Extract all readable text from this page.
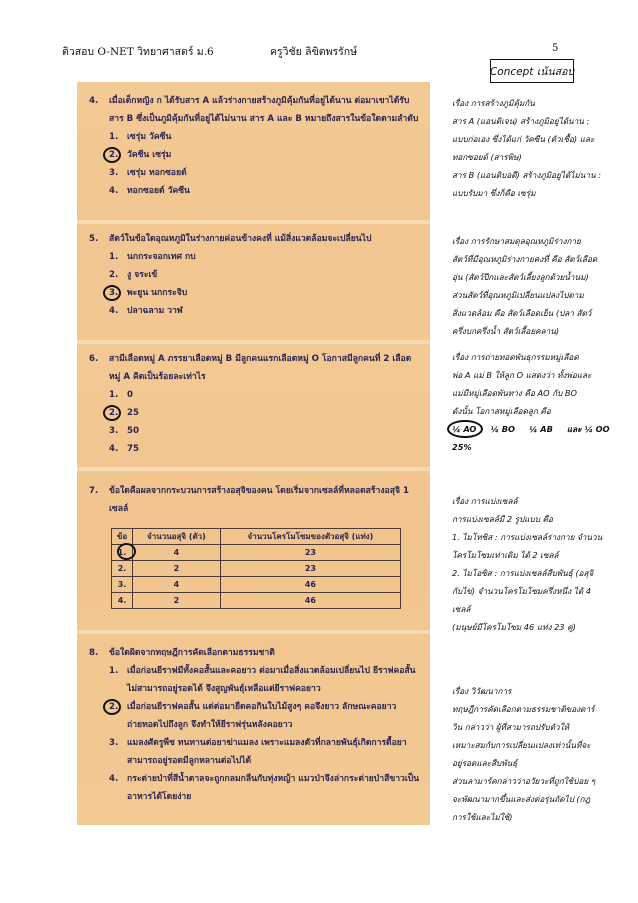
ติวสอบ O-NET วิทยาศาสตร์ ม.6	ครูวิชัย ลิขิตพรรักษ์	5
Concept เน้นสอบ
4.	เมื่อเด็กหญิง ก ได้รับสาร A แล้วร่างกายสร้างภูมิคุ้มกันที่อยู่ได้นาน ต่อมาเขาได้รับสาร B ซึ่งเป็นภูมิคุ้มกันที่อยู่ได้ไม่นาน สาร A และ B หมายถึงสารในข้อใดตามลำดับ
1.	เซรุ่ม วัคซีน
2.	วัคซีน เซรุ่ม
3.	เซรุ่ม ทอกซอยด์
4.	ทอกซอยด์ วัคซีน
5.	สัตว์ในข้อใดอุณหภูมิในร่างกายค่อนข้างคงที่ แม้สิ่งแวดล้อมจะเปลี่ยนไป
1.	นกกระจอกเทศ กบ
2.	งู จระเข้
3.	พะยูน นกกระจิบ
4.	ปลาฉลาม วาฬ
6.	สามีเลือดหมู่ A ภรรยาเลือดหมู่ B มีลูกคนแรกเลือดหมู่ O โอกาสมีลูกคนที่ 2 เลือดหมู่ A คิดเป็นร้อยละเท่าไร
1.	0
2.	25
3.	50
4.	75
7.	ข้อใดคือผลจากกระบวนการสร้างอสุจิของคน โดยเริ่มจากเซลล์ที่หลอดสร้างอสุจิ 1 เซลล์
ข้อ	จำนวนอสุจิ (ตัว)	จำนวนโครโมโซมของตัวอสุจิ (แท่ง)

1.	4	23
2.	2	23
3.	4	46
4.	2	46
8.	ข้อใดผิดจากทฤษฎีการคัดเลือกตามธรรมชาติ
1.	เมื่อก่อนยีราฟมีทั้งคอสั้นและคอยาว ต่อมาเมื่อสิ่งแวดล้อมเปลี่ยนไป ยีราฟคอสั้นไม่สามารถอยู่รอดได้ จึงสูญพันธุ์เหลือแต่ยีราฟคอยาว
2.	เมื่อก่อนยีราฟคอสั้น แต่ต่อมายืดคอกินใบไม้สูงๆ คอจึงยาว ลักษณะคอยาวถ่ายทอดไปถึงลูก จึงทำให้ยีราฟรุ่นหลังคอยาว
3.	แมลงศัตรูพืช ทนทานต่อยาฆ่าแมลง เพราะแมลงตัวที่กลายพันธุ์เกิดการดื้อยาสามารถอยู่รอดมีลูกหลานต่อไปได้
4.	กระต่ายป่าที่สีน้ำตาลจะถูกกลมกลืนกับทุ่งหญ้า แมวป่าจึงล่ากระต่ายป่าสีขาวเป็นอาหารได้โดยง่าย
เรื่อง การสร้างภูมิคุ้มกัน
สาร A (แอนติเจน) สร้างภูมิอยู่ได้นาน :
แบบก่อเอง ซึ่งได้แก่ วัคซีน (ตัวเชื้อ) และ
ทอกซอยด์ (สารพิษ)
สาร B (แอนติบอดี) สร้างภูมิอยู่ได้ไม่นาน :
แบบรับมา ซึ่งก็คือ เซรุ่ม
เรื่อง การรักษาสมดุลอุณหภูมิร่างกาย
สัตว์ที่มีอุณหภูมิร่างกายคงที่ คือ สัตว์เลือด
อุ่น (สัตว์ปีกและสัตว์เลี้ยงลูกด้วยน้ำนม)
ส่วนสัตว์ที่อุณหภูมิเปลี่ยนแปลงไปตาม
สิ่งแวดล้อม คือ สัตว์เลือดเย็น (ปลา สัตว์
ครึ่งบกครึ่งน้ำ สัตว์เลื้อยคลาน)
เรื่อง การถ่ายทอดพันธุกรรมหมู่เลือด
พ่อ A แม่ B ให้ลูก O แสดงว่า ทั้งพ่อและ
แม่มีหมู่เลือดพันทาง คือ AO กับ BO
ดังนั้น โอกาสหมู่เลือดลูก คือ
¼ AO ¼ BO ¼ AB และ ¼ OO
25%
เรื่อง การแบ่งเซลล์
การแบ่งเซลล์มี 2 รูปแบบ คือ
1. ไมโทซิส : การแบ่งเซลล์ร่างกาย จำนวน
โครโมโซมเท่าเดิม ได้ 2 เซลล์
2. ไมโอซิส : การแบ่งเซลล์สืบพันธุ์ (อสุจิ
กับไข่) จำนวนโครโมโซมครึ่งหนึ่ง ได้ 4
เซลล์
(มนุษย์มีโครโมโซม 46 แท่ง 23 คู่)
เรื่อง วิวัฒนาการ
ทฤษฎีการคัดเลือกตามธรรมชาติของดาร์
วิน กล่าวว่า ผู้ที่สามารถปรับตัวให้
เหมาะสมกับการเปลี่ยนแปลงเท่านั้นที่จะ
อยู่รอดและสืบพันธุ์
ส่วนลามาร์คกล่าวว่าอวัยวะที่ถูกใช้บ่อย ๆ
จะพัฒนามากขึ้นและส่งต่อรุ่นถัดไป (กฎ
การใช้และไม่ใช้)
